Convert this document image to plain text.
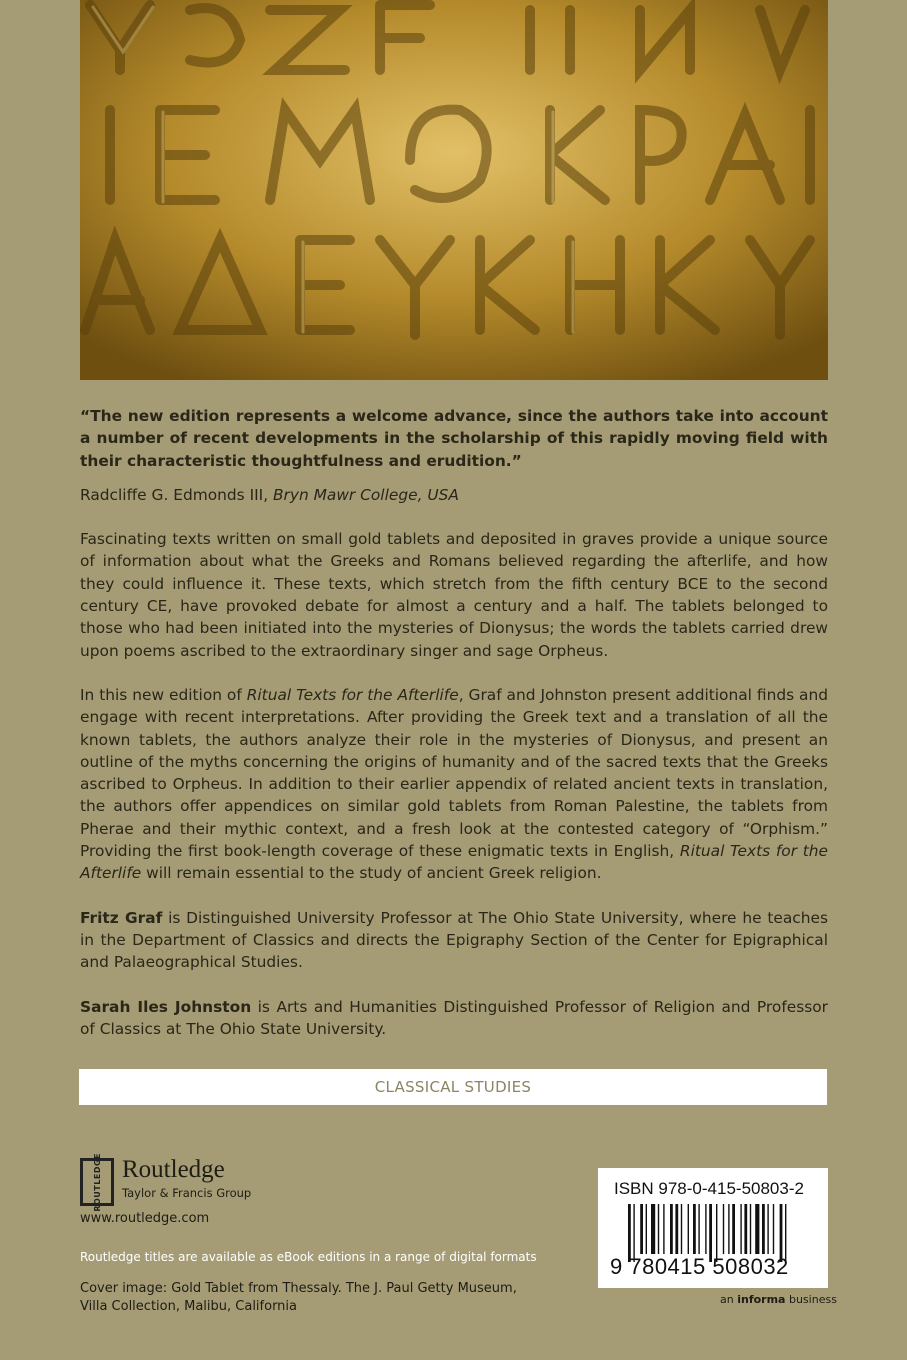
“The new edition represents a welcome advance, since the authors take into account a number of recent developments in the scholarship of this rapidly moving field with their characteristic thoughtfulness and erudition.”

Radcliffe G. Edmonds III, Bryn Mawr College, USA

Fascinating texts written on small gold tablets and deposited in graves provide a unique source of information about what the Greeks and Romans believed regarding the afterlife, and how they could influence it. These texts, which stretch from the fifth century BCE to the second century CE, have provoked debate for almost a century and a half. The tablets belonged to those who had been initiated into the mysteries of Dionysus; the words the tablets carried drew upon poems ascribed to the extraordinary singer and sage Orpheus.

In this new edition of Ritual Texts for the Afterlife, Graf and Johnston present additional finds and engage with recent interpretations. After providing the Greek text and a translation of all the known tablets, the authors analyze their role in the mysteries of Dionysus, and present an outline of the myths concerning the origins of humanity and of the sacred texts that the Greeks ascribed to Orpheus. In addition to their earlier appendix of related ancient texts in translation, the authors offer appendices on similar gold tablets from Roman Palestine, the tablets from Pherae and their mythic context, and a fresh look at the contested category of “Orphism.” Providing the first book-length coverage of these enigmatic texts in English, Ritual Texts for the Afterlife will remain essential to the study of ancient Greek religion.

Fritz Graf is Distinguished University Professor at The Ohio State University, where he teaches in the Department of Classics and directs the Epigraphy Section of the Center for Epigraphical and Palaeographical Studies.

Sarah Iles Johnston is Arts and Humanities Distinguished Professor of Religion and Professor of Classics at The Ohio State University.

CLASSICAL STUDIES
ROUTLEDGE Routledge
Taylor & Francis Group
www.routledge.com
Routledge titles are available as eBook editions in a range of digital formats
Cover image: Gold Tablet from Thessaly. The J. Paul Getty Museum, Villa Collection, Malibu, California
ISBN 978-0-415-50803-2
9 780415 508032
an informa business
